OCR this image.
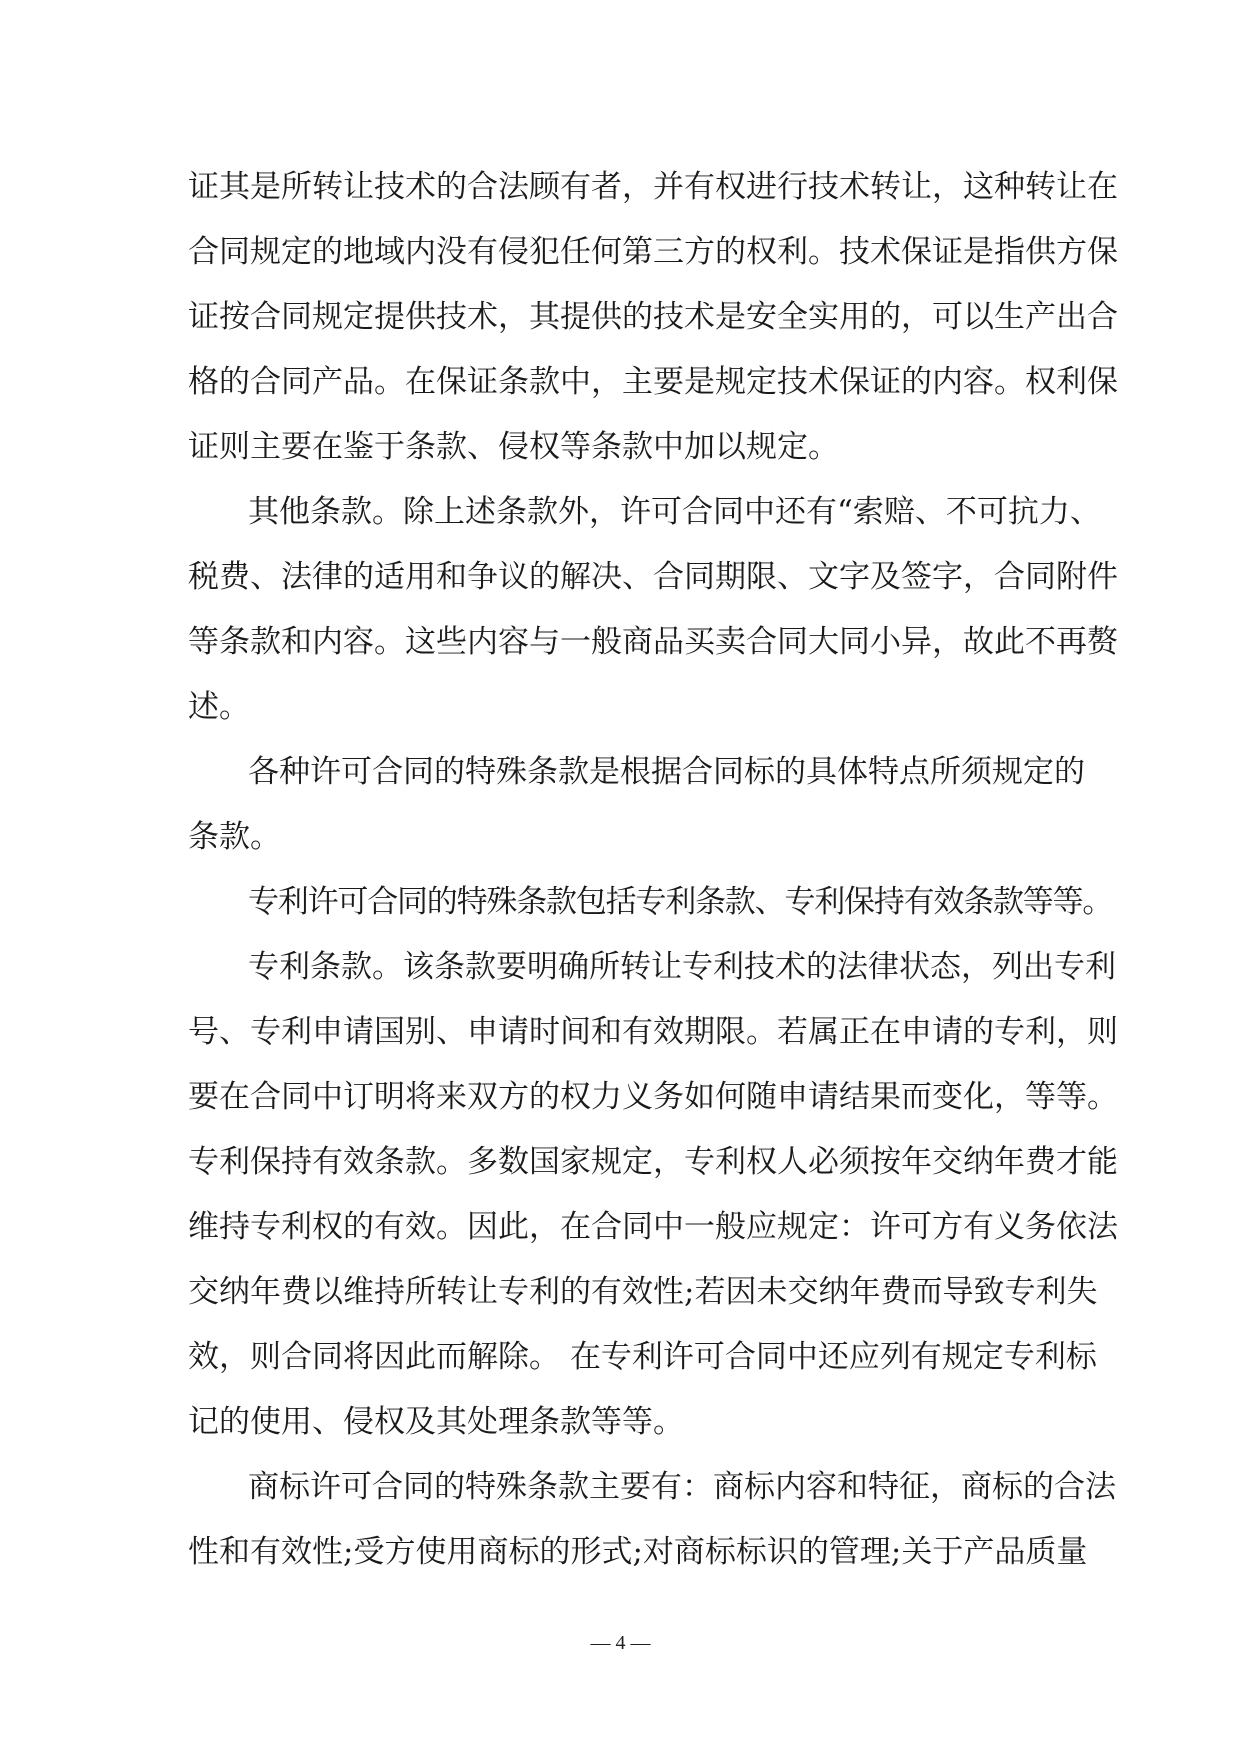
证其是所转让技术的合法顾有者，并有权进行技术转让，这种转让在
合同规定的地域内没有侵犯任何第三方的权利。技术保证是指供方保
证按合同规定提供技术，其提供的技术是安全实用的，可以生产出合
格的合同产品。在保证条款中，主要是规定技术保证的内容。权利保
证则主要在鉴于条款、侵权等条款中加以规定。
其他条款。除上述条款外，许可合同中还有“索赔、不可抗力、
税费、法律的适用和争议的解决、合同期限、文字及签字，合同附件
等条款和内容。这些内容与一般商品买卖合同大同小异，故此不再赘
述。
各种许可合同的特殊条款是根据合同标的具体特点所须规定的
条款。
专利许可合同的特殊条款包括专利条款、专利保持有效条款等等。
专利条款。该条款要明确所转让专利技术的法律状态，列出专利
号、专利申请国别、申请时间和有效期限。若属正在申请的专利，则
要在合同中订明将来双方的权力义务如何随申请结果而变化，等等。
专利保持有效条款。多数国家规定，专利权人必须按年交纳年费才能
维持专利权的有效。因此，在合同中一般应规定：许可方有义务依法
交纳年费以维持所转让专利的有效性;若因未交纳年费而导致专利失
效，则合同将因此而解除。 在专利许可合同中还应列有规定专利标
记的使用、侵权及其处理条款等等。
商标许可合同的特殊条款主要有：商标内容和特征，商标的合法
性和有效性;受方使用商标的形式;对商标标识的管理;关于产品质量
— 4 —
